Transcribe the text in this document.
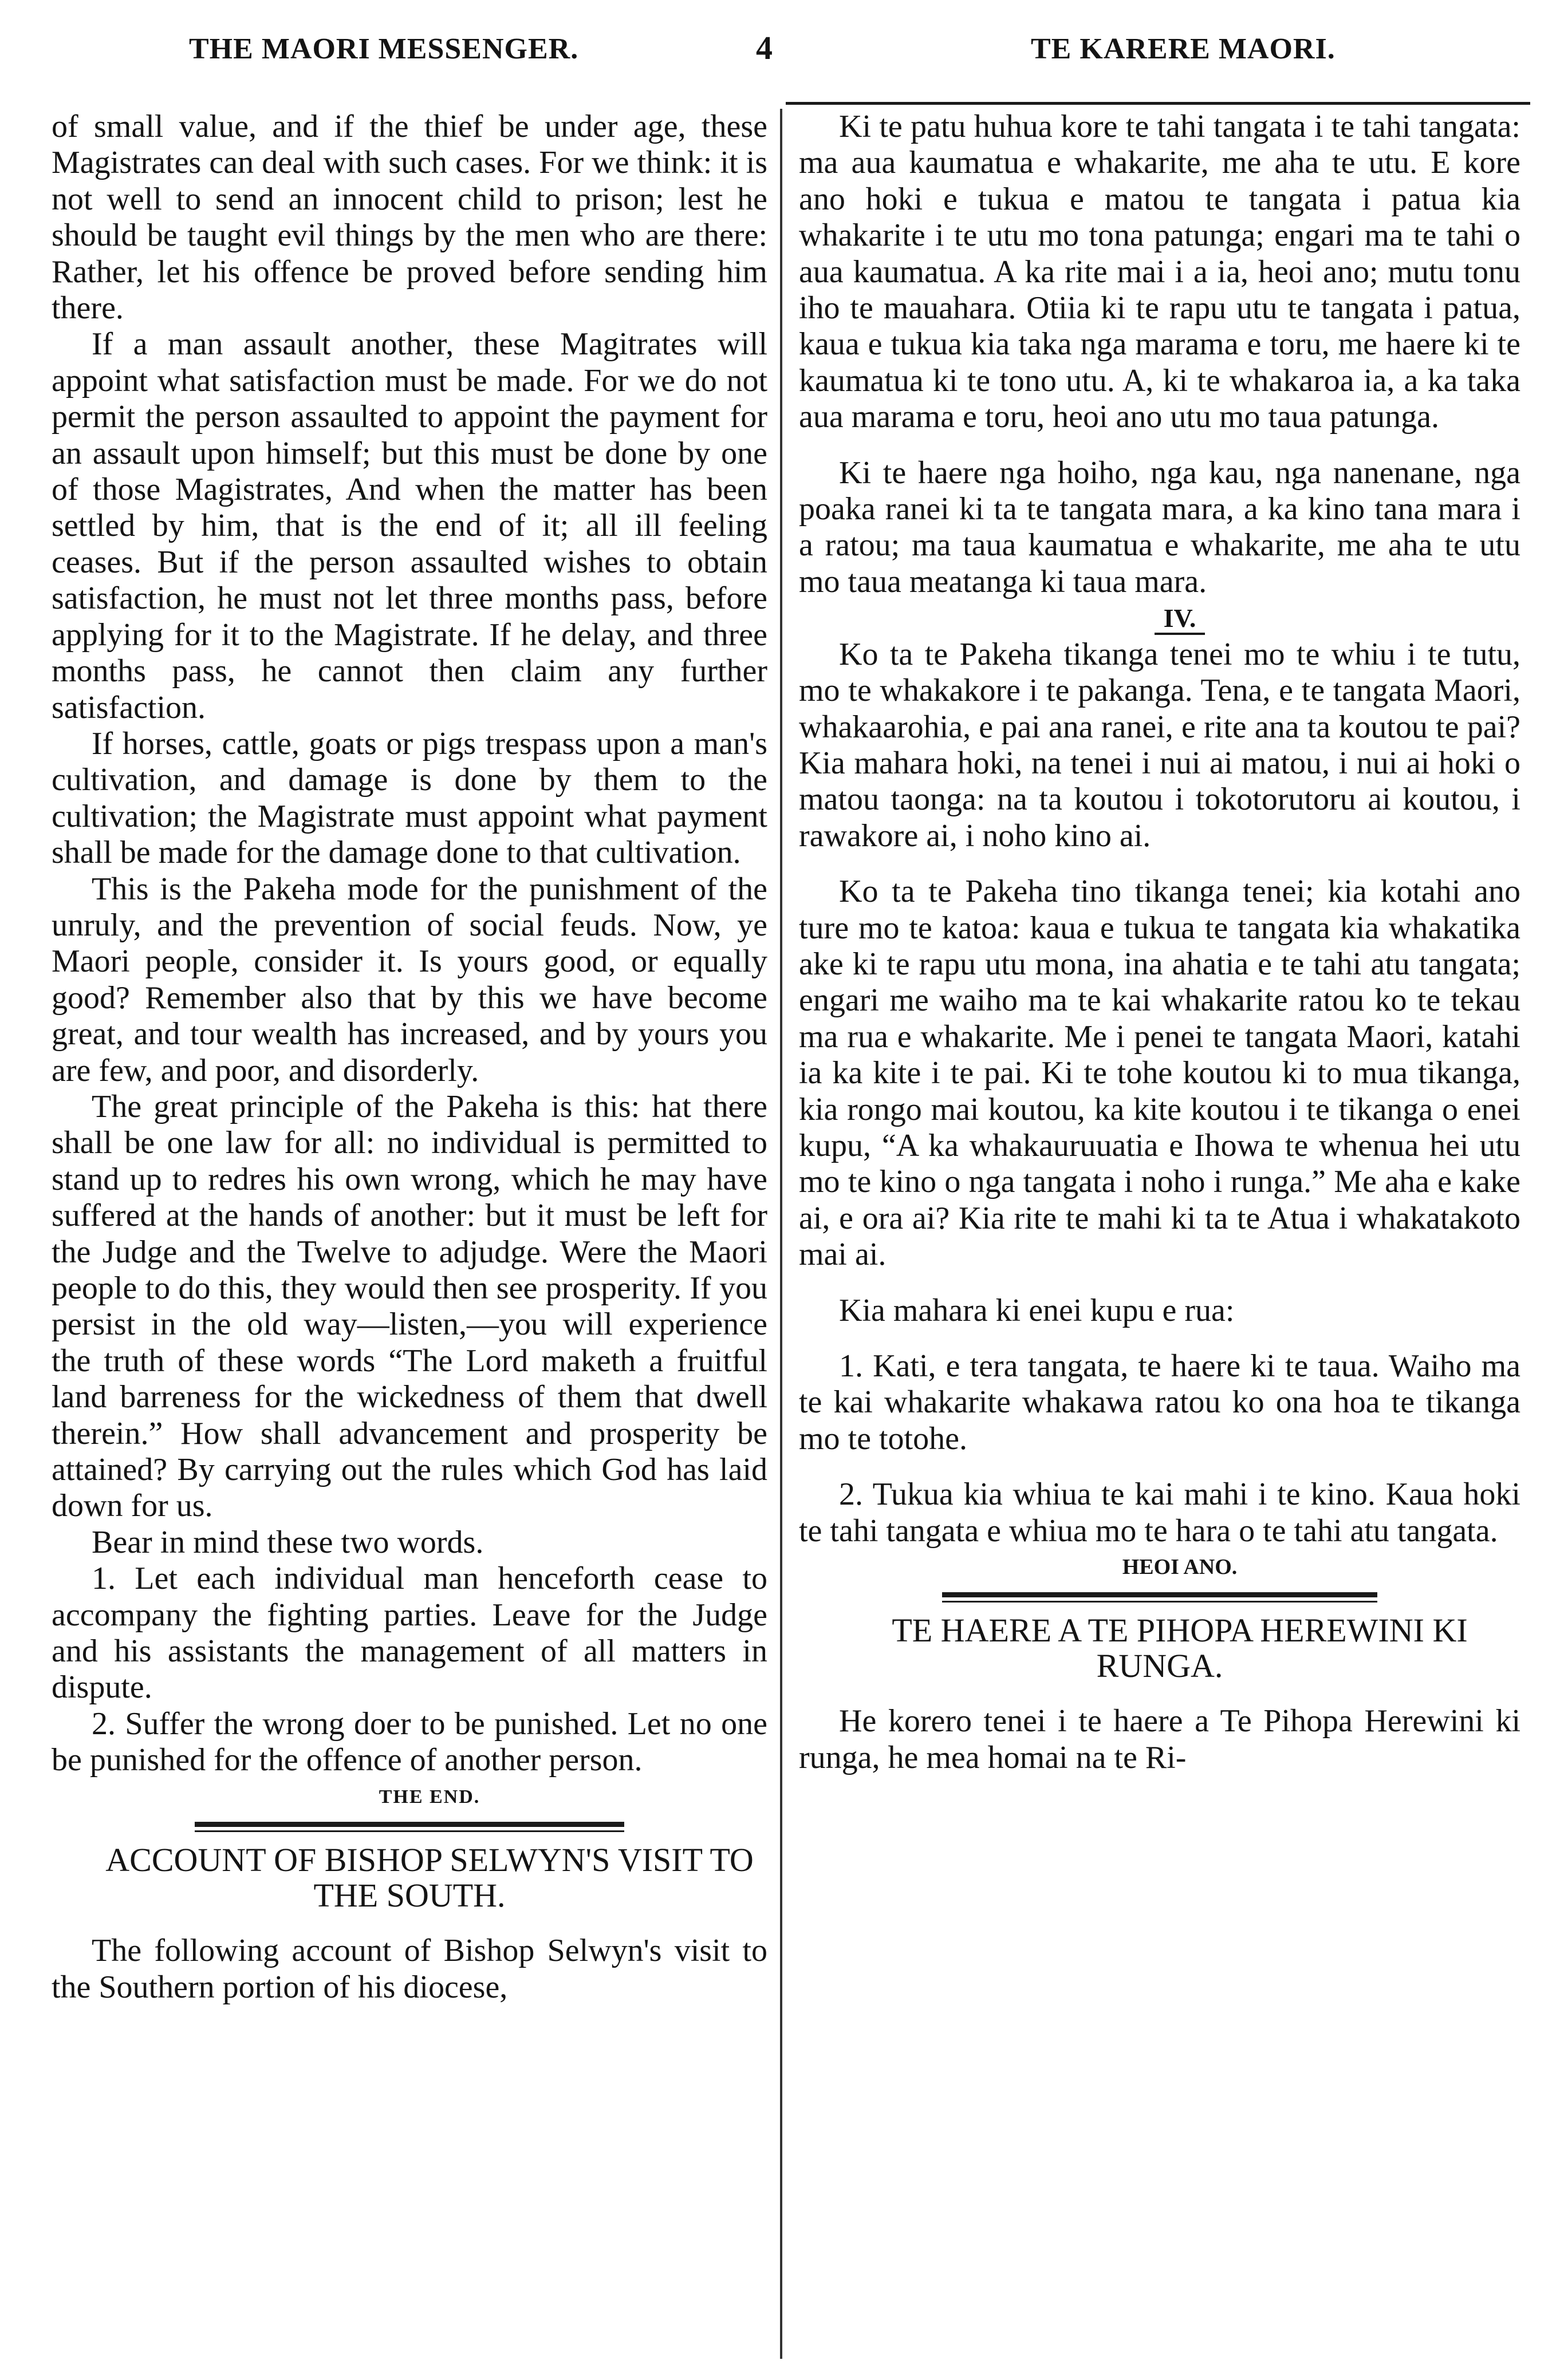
THE MAORI MESSENGER.	4	TE KARERE MAORI.

of small value, and if the thief be under age, these Magistrates can deal with such cases. For we think: it is not well to send an innocent child to prison; lest he should be taught evil things by the men who are there: Rather, let his offence be proved before sending him there.

If a man assault another, these Magitrates will appoint what satisfaction must be made. For we do not permit the person assaulted to appoint the payment for an assault upon himself; but this must be done by one of those Magistrates, And when the matter has been settled by him, that is the end of it; all ill feeling ceases. But if the person assaulted wishes to obtain satisfaction, he must not let three months pass, before applying for it to the Magistrate. If he delay, and three months pass, he cannot then claim any further satisfaction.

If horses, cattle, goats or pigs trespass upon a man's cultivation, and damage is done by them to the cultivation; the Magistrate must appoint what payment shall be made for the damage done to that cultivation.

This is the Pakeha mode for the punishment of the unruly, and the prevention of social feuds. Now, ye Maori people, consider it. Is yours good, or equally good? Remember also that by this we have become great, and tour wealth has increased, and by yours you are few, and poor, and disorderly.

The great principle of the Pakeha is this: hat there shall be one law for all: no individual is permitted to stand up to redres his own wrong, which he may have suffered at the hands of another: but it must be left for the Judge and the Twelve to adjudge. Were the Maori people to do this, they would then see prosperity. If you persist in the old way—listen,—you will experience the truth of these words “The Lord maketh a fruitful land barreness for the wickedness of them that dwell therein.” How shall advancement and prosperity be attained? By carrying out the rules which God has laid down for us.

Bear in mind these two words.

1. Let each individual man henceforth cease to accompany the fighting parties. Leave for the Judge and his assistants the management of all matters in dispute.

2. Suffer the wrong doer to be punished. Let no one be punished for the offence of another person.

THE END.

ACCOUNT OF BISHOP SELWYN'S VISIT TO THE SOUTH.

The following account of Bishop Selwyn's visit to the Southern portion of his diocese,

Ki te patu huhua kore te tahi tangata i te tahi tangata: ma aua kaumatua e whakarite, me aha te utu. E kore ano hoki e tukua e matou te tangata i patua kia whakarite i te utu mo tona patunga; engari ma te tahi o aua kaumatua. A ka rite mai i a ia, heoi ano; mutu tonu iho te mauahara. Otiia ki te rapu utu te tangata i patua, kaua e tukua kia taka nga marama e toru, me haere ki te kaumatua ki te tono utu. A, ki te whakaroa ia, a ka taka aua marama e toru, heoi ano utu mo taua patunga.

Ki te haere nga hoiho, nga kau, nga nanenane, nga poaka ranei ki ta te tangata mara, a ka kino tana mara i a ratou; ma taua kaumatua e whakarite, me aha te utu mo taua meatanga ki taua mara.

IV.

Ko ta te Pakeha tikanga tenei mo te whiu i te tutu, mo te whakakore i te pakanga. Tena, e te tangata Maori, whakaarohia, e pai ana ranei, e rite ana ta koutou te pai? Kia mahara hoki, na tenei i nui ai matou, i nui ai hoki o matou taonga: na ta koutou i tokotorutoru ai koutou, i rawakore ai, i noho kino ai.

Ko ta te Pakeha tino tikanga tenei; kia kotahi ano ture mo te katoa: kaua e tukua te tangata kia whakatika ake ki te rapu utu mona, ina ahatia e te tahi atu tangata; engari me waiho ma te kai whakarite ratou ko te tekau ma rua e whakarite. Me i penei te tangata Maori, katahi ia ka kite i te pai. Ki te tohe koutou ki to mua tikanga, kia rongo mai koutou, ka kite koutou i te tikanga o enei kupu, “A ka whakauruuatia e Ihowa te whenua hei utu mo te kino o nga tangata i noho i runga.” Me aha e kake ai, e ora ai? Kia rite te mahi ki ta te Atua i whakatakoto mai ai.

Kia mahara ki enei kupu e rua:

1. Kati, e tera tangata, te haere ki te taua. Waiho ma te kai whakarite whakawa ratou ko ona hoa te tikanga mo te totohe.

2. Tukua kia whiua te kai mahi i te kino. Kaua hoki te tahi tangata e whiua mo te hara o te tahi atu tangata.

HEOI ANO.

TE HAERE A TE PIHOPA HEREWINI KI RUNGA.

He korero tenei i te haere a Te Pihopa Herewini ki runga, he mea homai na te Ri-
